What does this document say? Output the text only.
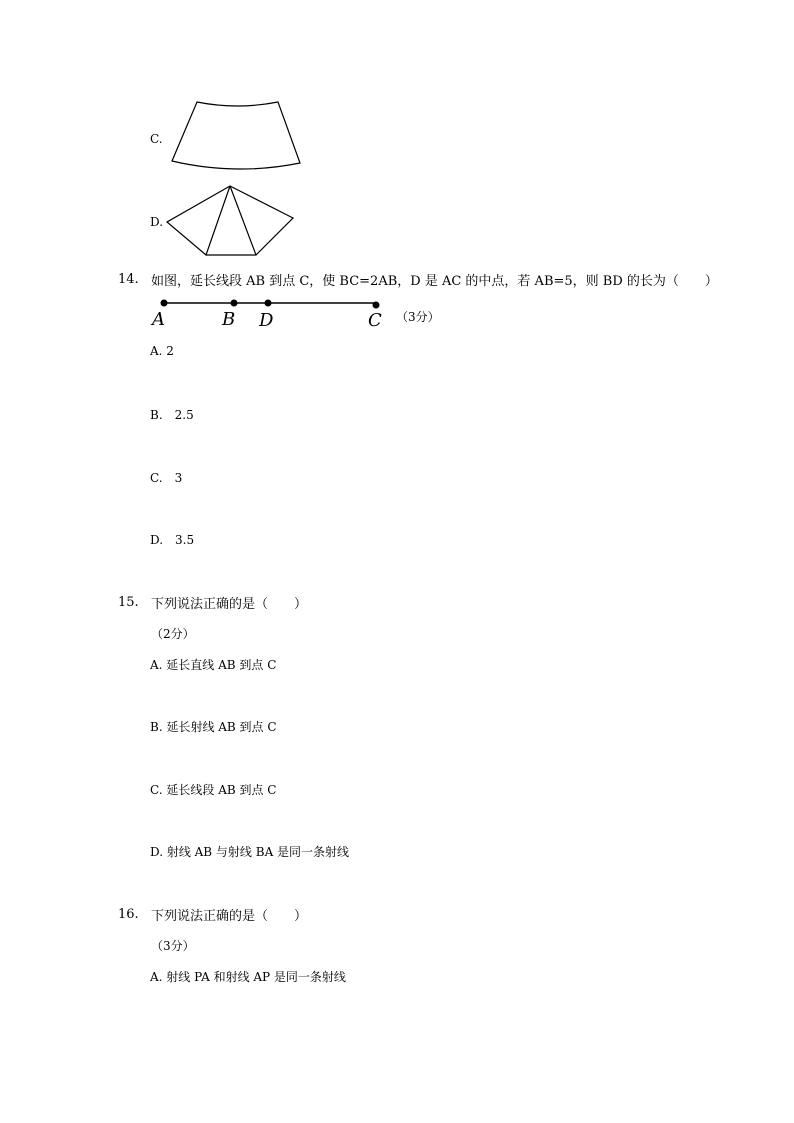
C.
D.
14. 如图，延长线段 AB 到点 C，使 BC=2AB，D 是 AC 的中点，若 AB=5，则 BD 的长为（　　）
A	B D	C （3分）
A. 2
B.　2.5
C.　3
D.　3.5
15. 下列说法正确的是（　　）
（2分）
A. 延长直线 AB 到点 C
B. 延长射线 AB 到点 C
C. 延长线段 AB 到点 C
D. 射线 AB 与射线 BA 是同一条射线
16. 下列说法正确的是（　　）
（3分）
A. 射线 PA 和射线 AP 是同一条射线
